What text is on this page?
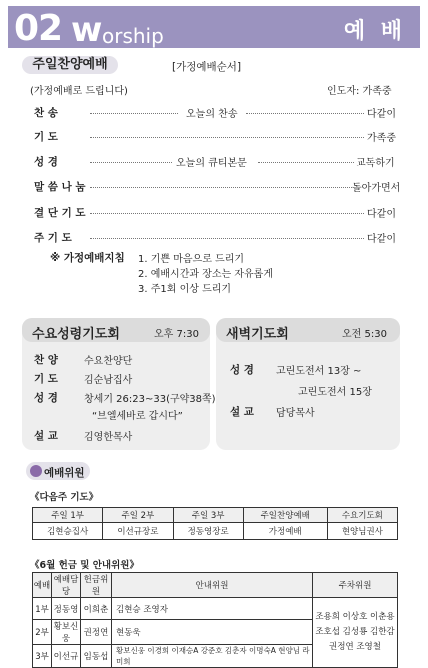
02 w orship	예 배
주일찬양예배	[가정예배순서]
(가정예배로 드립니다)	인도자: 가족중
찬 송	오늘의 찬송	다같이
기 도	가족중
성 경	오늘의 큐티본문	교독하기
말 씀 나 눔	돌아가면서
결 단 기 도	다같이
주 기 도	다같이
※ 가정예배지침 1. 기쁜 마음으로 드리기
2. 예배시간과 장소는 자유롭게
3. 주1회 이상 드리기
수요성령기도회	오후 7:30
찬 양	수요찬양단
기 도	김순남집사
성 경	창세기 26:23~33(구약38쪽)
“브엘세바로 갑시다”
설 교	김영한목사
새벽기도회	오전 5:30
성 경 고린도전서 13장 ~
고린도전서 15장
설 교 담당목사
예배위원
《다음주 기도》
주일 1부	주일 2부	주일 3부	주일찬양예배	수요기도회
김현승집사	이선규장로	정동영장로	가정예배	현양님권사
《6월 헌금 및 안내위원》
예배	예배담당	헌금위원	안내위원	주차위원
1부	정동영	이희춘	김현승 조영자	조용희 이상호 이춘용
조호섭 김성룡 김한감
권정연 조영철

2부	황보신웅	권정연	현동욱	
3부	이선규	임동섭	황보신웅 이경희 이재승A 강준호 김춘자 이명숙A 현양님 라미희	
